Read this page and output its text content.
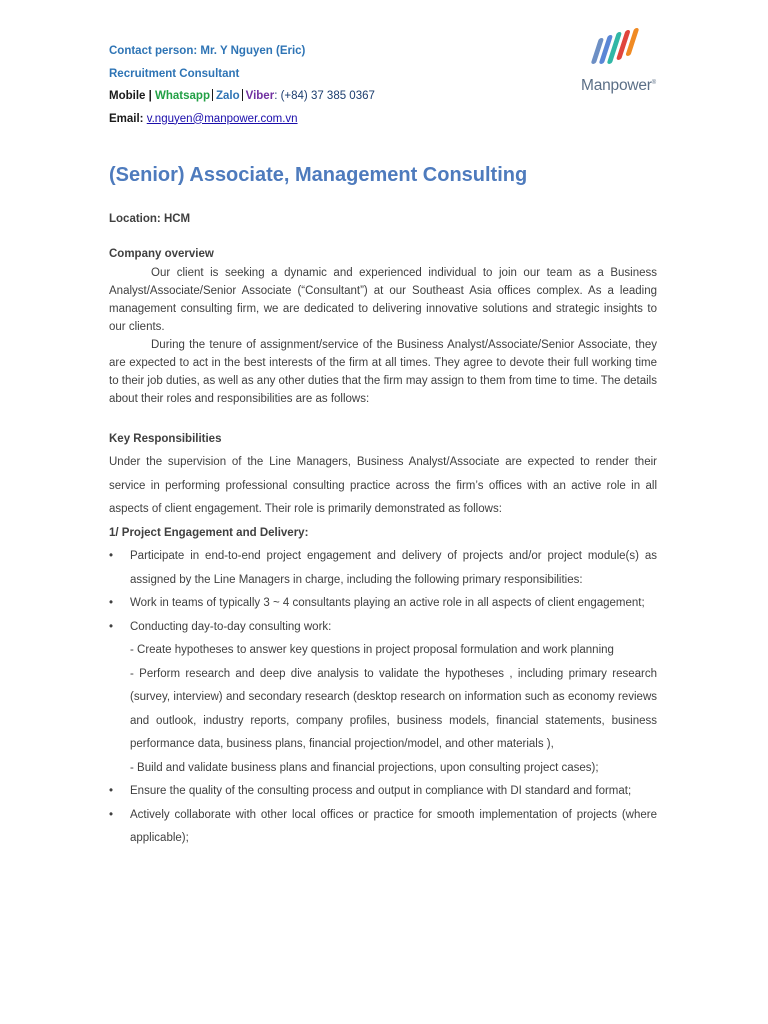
Contact person: Mr. Y Nguyen (Eric)
Recruitment Consultant
Mobile | Whatsapp Zalo Viber: (+84) 37 385 0367
Email: v.nguyen@manpower.com.vn
Manpower®
(Senior) Associate, Management Consulting
Location: HCM
Company overview
Our client is seeking a dynamic and experienced individual to join our team as a Business Analyst/Associate/Senior Associate (“Consultant”) at our Southeast Asia offices complex. As a leading management consulting firm, we are dedicated to delivering innovative solutions and strategic insights to our clients.
During the tenure of assignment/service of the Business Analyst/Associate/Senior Associate, they are expected to act in the best interests of the firm at all times. They agree to devote their full working time to their job duties, as well as any other duties that the firm may assign to them from time to time. The details about their roles and responsibilities are as follows:
Key Responsibilities
Under the supervision of the Line Managers, Business Analyst/Associate are expected to render their service in performing professional consulting practice across the firm’s offices with an active role in all aspects of client engagement. Their role is primarily demonstrated as follows:
1/ Project Engagement and Delivery:
• Participate in end-to-end project engagement and delivery of projects and/or project module(s) as assigned by the Line Managers in charge, including the following primary responsibilities:
• Work in teams of typically 3 ~ 4 consultants playing an active role in all aspects of client engagement;
• Conducting day-to-day consulting work:
- Create hypotheses to answer key questions in project proposal formulation and work planning
- Perform research and deep dive analysis to validate the hypotheses , including primary research (survey, interview) and secondary research (desktop research on information such as economy reviews and outlook, industry reports, company profiles, business models, financial statements, business performance data, business plans, financial projection/model, and other materials ),
- Build and validate business plans and financial projections, upon consulting project cases);
• Ensure the quality of the consulting process and output in compliance with DI standard and format;
• Actively collaborate with other local offices or practice for smooth implementation of projects (where applicable);
